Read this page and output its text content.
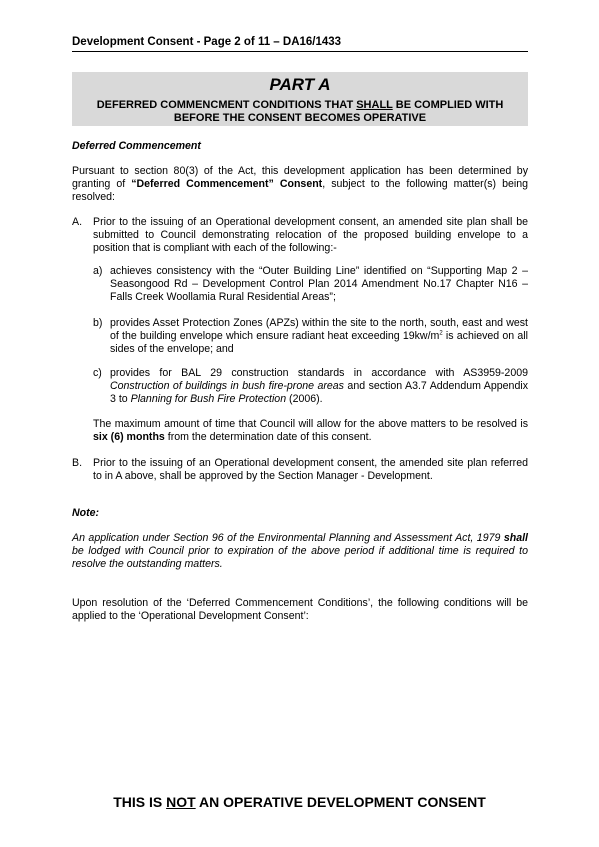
Development Consent - Page 2 of 11 – DA16/1433
PART A
DEFERRED COMMENCMENT CONDITIONS THAT SHALL BE COMPLIED WITH
BEFORE THE CONSENT BECOMES OPERATIVE
Deferred Commencement
Pursuant to section 80(3) of the Act, this development application has been determined by granting of “Deferred Commencement” Consent, subject to the following matter(s) being resolved:
A. Prior to the issuing of an Operational development consent, an amended site plan shall be submitted to Council demonstrating relocation of the proposed building envelope to a position that is compliant with each of the following:-
a) achieves consistency with the “Outer Building Line” identified on “Supporting Map 2 – Seasongood Rd – Development Control Plan 2014 Amendment No.17 Chapter N16 – Falls Creek Woollamia Rural Residential Areas”;
b) provides Asset Protection Zones (APZs) within the site to the north, south, east and west of the building envelope which ensure radiant heat exceeding $19kw/m^2$ is achieved on all sides of the envelope; and
c) provides for BAL 29 construction standards in accordance with AS3959-2009 Construction of buildings in bush fire-prone areas and section A3.7 Addendum Appendix 3 to Planning for Bush Fire Protection (2006).
The maximum amount of time that Council will allow for the above matters to be resolved is six (6) months from the determination date of this consent.
B. Prior to the issuing of an Operational development consent, the amended site plan referred to in A above, shall be approved by the Section Manager - Development.
Note:
An application under Section 96 of the Environmental Planning and Assessment Act, 1979 shall be lodged with Council prior to expiration of the above period if additional time is required to resolve the outstanding matters.
Upon resolution of the ‘Deferred Commencement Conditions’, the following conditions will be applied to the ‘Operational Development Consent’:
THIS IS NOT AN OPERATIVE DEVELOPMENT CONSENT
